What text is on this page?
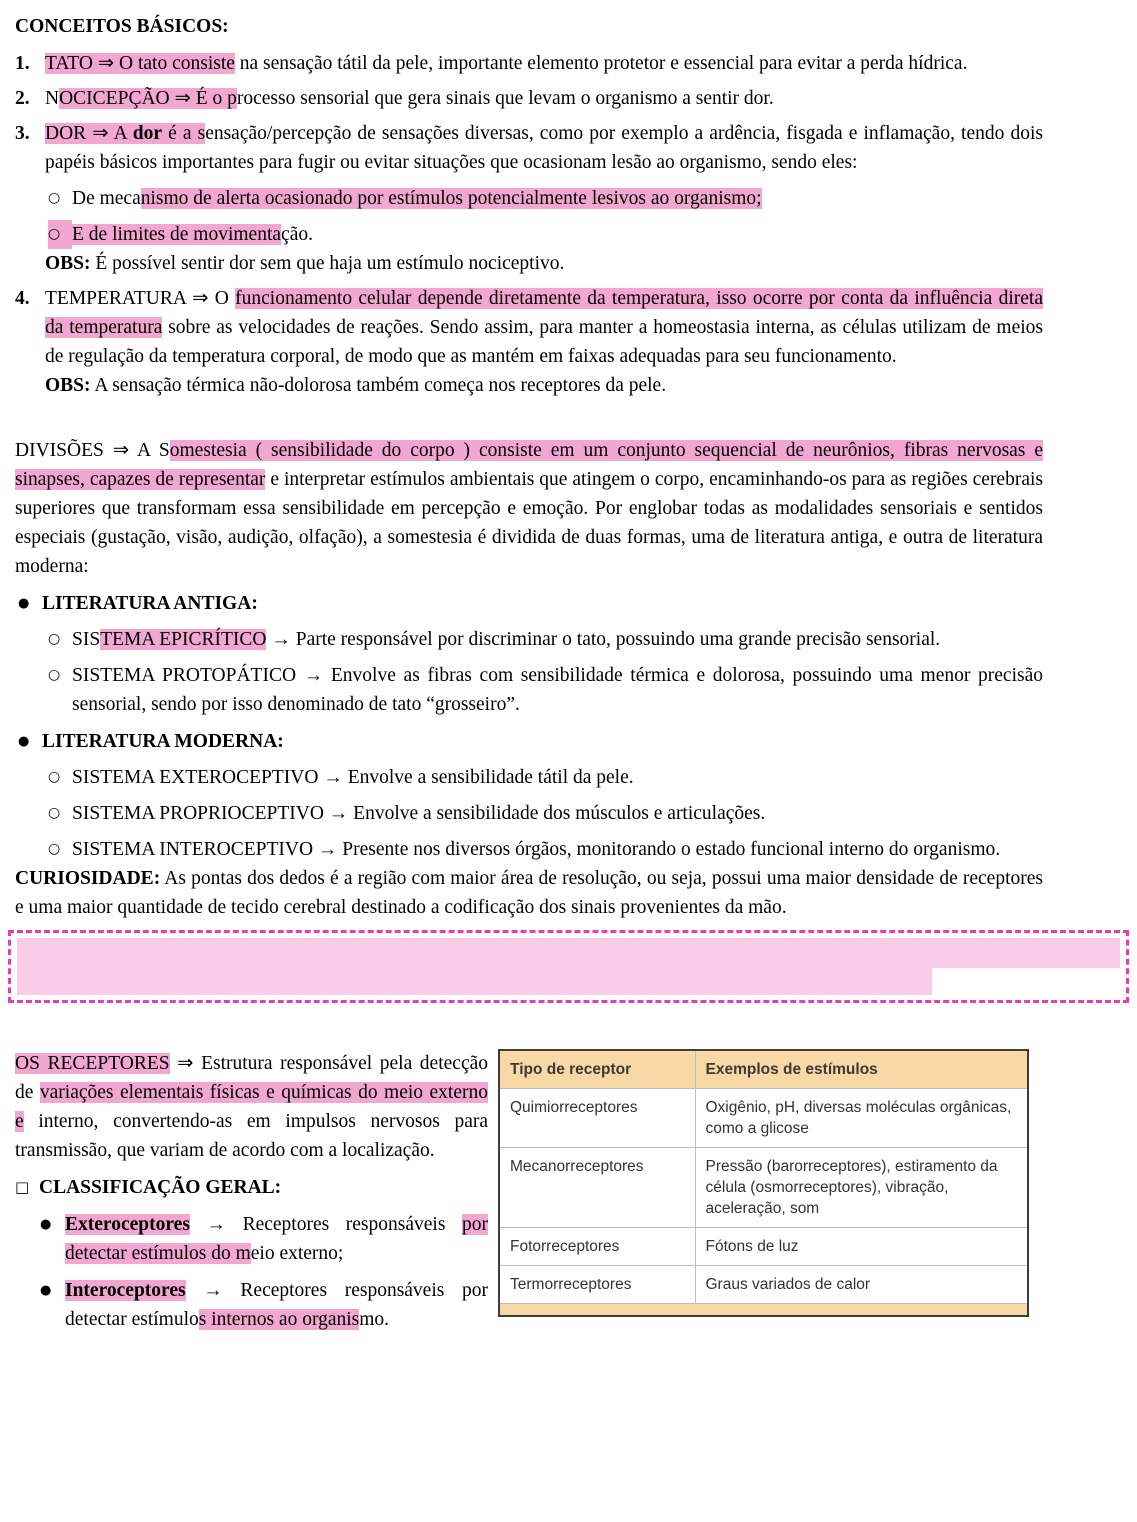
CONCEITOS BÁSICOS:
1. TATO ⇒ O tato consiste na sensação tátil da pele, importante elemento protetor e essencial para evitar a perda hídrica.

2. NOCICEPÇÃO ⇒ É o processo sensorial que gera sinais que levam o organismo a sentir dor.

3. DOR ⇒ A dor é a sensação/percepção de sensações diversas, como por exemplo a ardência, fisgada e inflamação, tendo dois papéis básicos importantes para fugir ou evitar situações que ocasionam lesão ao organismo, sendo eles:

○ De mecanismo de alerta ocasionado por estímulos potencialmente lesivos ao organismo;

○ E de limites de movimentação.

OBS: É possível sentir dor sem que haja um estímulo nociceptivo.

4. TEMPERATURA ⇒ O funcionamento celular depende diretamente da temperatura, isso ocorre por conta da influência direta da temperatura sobre as velocidades de reações. Sendo assim, para manter a homeostasia interna, as células utilizam de meios de regulação da temperatura corporal, de modo que as mantém em faixas adequadas para seu funcionamento.

OBS: A sensação térmica não-dolorosa também começa nos receptores da pele.

DIVISÕES ⇒ A Somestesia ( sensibilidade do corpo ) consiste em um conjunto sequencial de neurônios, fibras nervosas e sinapses, capazes de representar e interpretar estímulos ambientais que atingem o corpo, encaminhando-os para as regiões cerebrais superiores que transformam essa sensibilidade em percepção e emoção. Por englobar todas as modalidades sensoriais e sentidos especiais (gustação, visão, audição, olfação), a somestesia é dividida de duas formas, uma de literatura antiga, e outra de literatura moderna:

● LITERATURA ANTIGA:

○ SISTEMA EPICRÍTICO → Parte responsável por discriminar o tato, possuindo uma grande precisão sensorial.

○ SISTEMA PROTOPÁTICO → Envolve as fibras com sensibilidade térmica e dolorosa, possuindo uma menor precisão sensorial, sendo por isso denominado de tato “grosseiro”.

● LITERATURA MODERNA:

○ SISTEMA EXTEROCEPTIVO → Envolve a sensibilidade tátil da pele.

○ SISTEMA PROPRIOCEPTIVO → Envolve a sensibilidade dos músculos e articulações.

○ SISTEMA INTEROCEPTIVO → Presente nos diversos órgãos, monitorando o estado funcional interno do organismo.

CURIOSIDADE: As pontas dos dedos é a região com maior área de resolução, ou seja, possui uma maior densidade de receptores e uma maior quantidade de tecido cerebral destinado a codificação dos sinais provenientes da mão.

OS RECEPTORES ⇒ Estrutura responsável pela detecção de variações elementais físicas e químicas do meio externo e interno, convertendo-as em impulsos nervosos para transmissão, que variam de acordo com a localização.

□ CLASSIFICAÇÃO GERAL:

● Exteroceptores → Receptores responsáveis por detectar estímulos do meio externo;

● Interoceptores → Receptores responsáveis por detectar estímulos internos ao organismo.

Tipo de receptor	Exemplos de estímulos
Quimiorreceptores	Oxigênio, pH, diversas moléculas orgânicas, como a glicose
Mecanorreceptores	Pressão (barorreceptores), estiramento da célula (osmorreceptores), vibração, aceleração, som
Fotorreceptores	Fótons de luz
Termorreceptores	Graus variados de calor
